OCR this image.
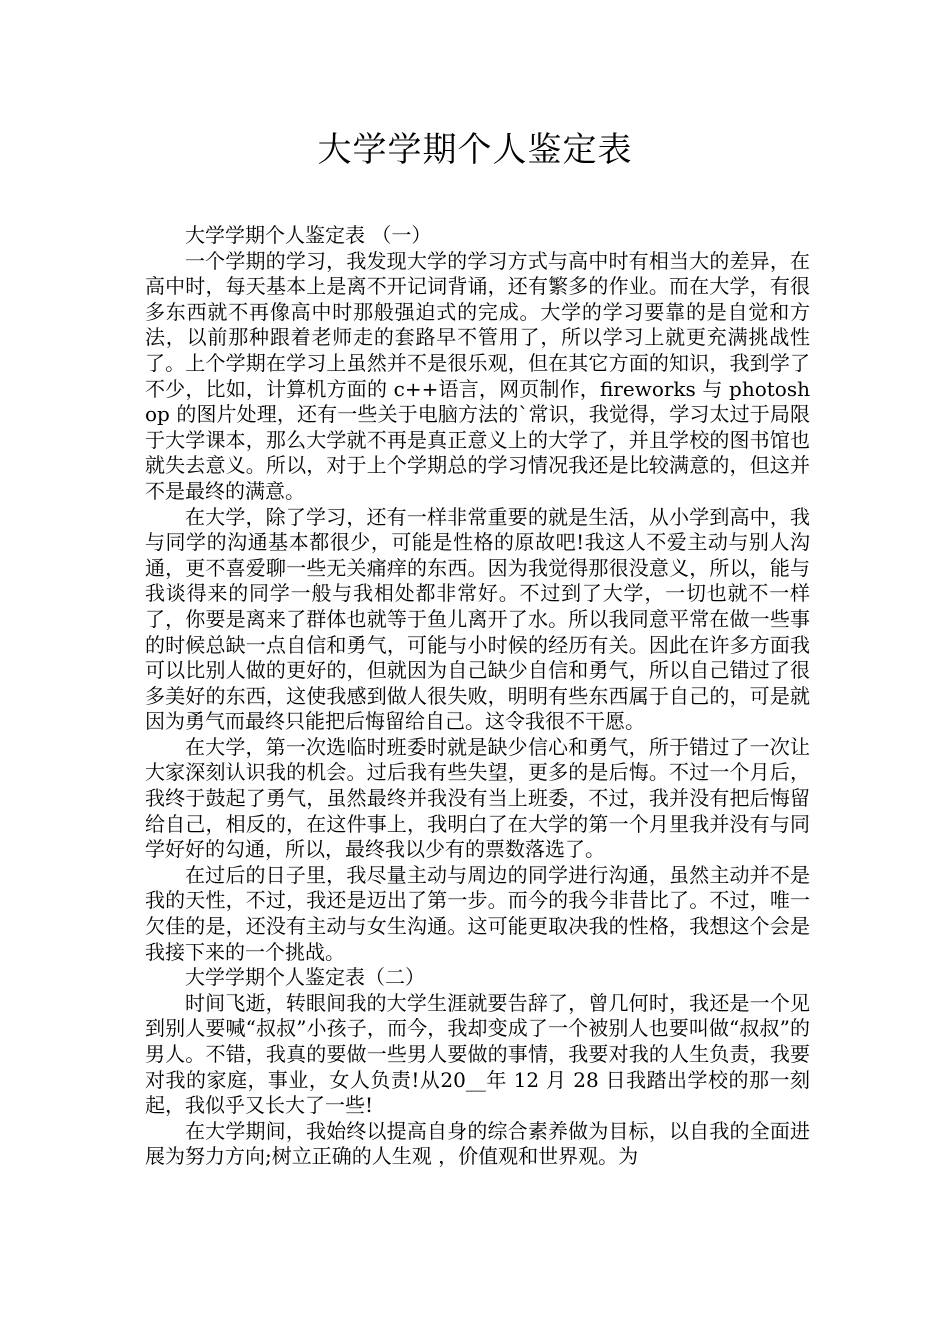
大学学期个人鉴定表

大学学期个人鉴定表 （一）

一个学期的学习，我发现大学的学习方式与高中时有相当大的差异，在高中时，每天基本上是离不开记词背诵，还有繁多的作业。而在大学，有很多东西就不再像高中时那般强迫式的完成。大学的学习要靠的是自觉和方法，以前那种跟着老师走的套路早不管用了，所以学习上就更充满挑战性了。上个学期在学习上虽然并不是很乐观，但在其它方面的知识，我到学了不少，比如，计算机方面的 c++语言，网页制作，fireworks 与 photoshop 的图片处理，还有一些关于电脑方法的`常识，我觉得，学习太过于局限于大学课本，那么大学就不再是真正意义上的大学了，并且学校的图书馆也就失去意义。所以，对于上个学期总的学习情况我还是比较满意的，但这并不是最终的满意。

在大学，除了学习，还有一样非常重要的就是生活，从小学到高中，我与同学的沟通基本都很少，可能是性格的原故吧!我这人不爱主动与别人沟通，更不喜爱聊一些无关痛痒的东西。因为我觉得那很没意义，所以，能与我谈得来的同学一般与我相处都非常好。不过到了大学，一切也就不一样了，你要是离来了群体也就等于鱼儿离开了水。所以我同意平常在做一些事的时候总缺一点自信和勇气，可能与小时候的经历有关。因此在许多方面我可以比别人做的更好的，但就因为自己缺少自信和勇气，所以自己错过了很多美好的东西，这使我感到做人很失败，明明有些东西属于自己的，可是就因为勇气而最终只能把后悔留给自己。这令我很不干愿。

在大学，第一次选临时班委时就是缺少信心和勇气，所于错过了一次让大家深刻认识我的机会。过后我有些失望，更多的是后悔。不过一个月后，我终于鼓起了勇气，虽然最终并我没有当上班委，不过，我并没有把后悔留给自己，相反的，在这件事上，我明白了在大学的第一个月里我并没有与同学好好的勾通，所以，最终我以少有的票数落选了。

在过后的日子里，我尽量主动与周边的同学进行沟通，虽然主动并不是我的天性，不过，我还是迈出了第一步。而今的我今非昔比了。不过，唯一欠佳的是，还没有主动与女生沟通。这可能更取决我的性格，我想这个会是我接下来的一个挑战。

大学学期个人鉴定表（二）

时间飞逝，转眼间我的大学生涯就要告辞了，曾几何时，我还是一个见到别人要喊“叔叔”小孩子，而今，我却变成了一个被别人也要叫做“叔叔”的男人。不错，我真的要做一些男人要做的事情，我要对我的人生负责，我要对我的家庭，事业，女人负责!从20__年 12 月 28 日我踏出学校的那一刻起，我似乎又长大了一些!

在大学期间，我始终以提高自身的综合素养做为目标，以自我的全面进展为努力方向;树立正确的人生观 ，价值观和世界观。为
